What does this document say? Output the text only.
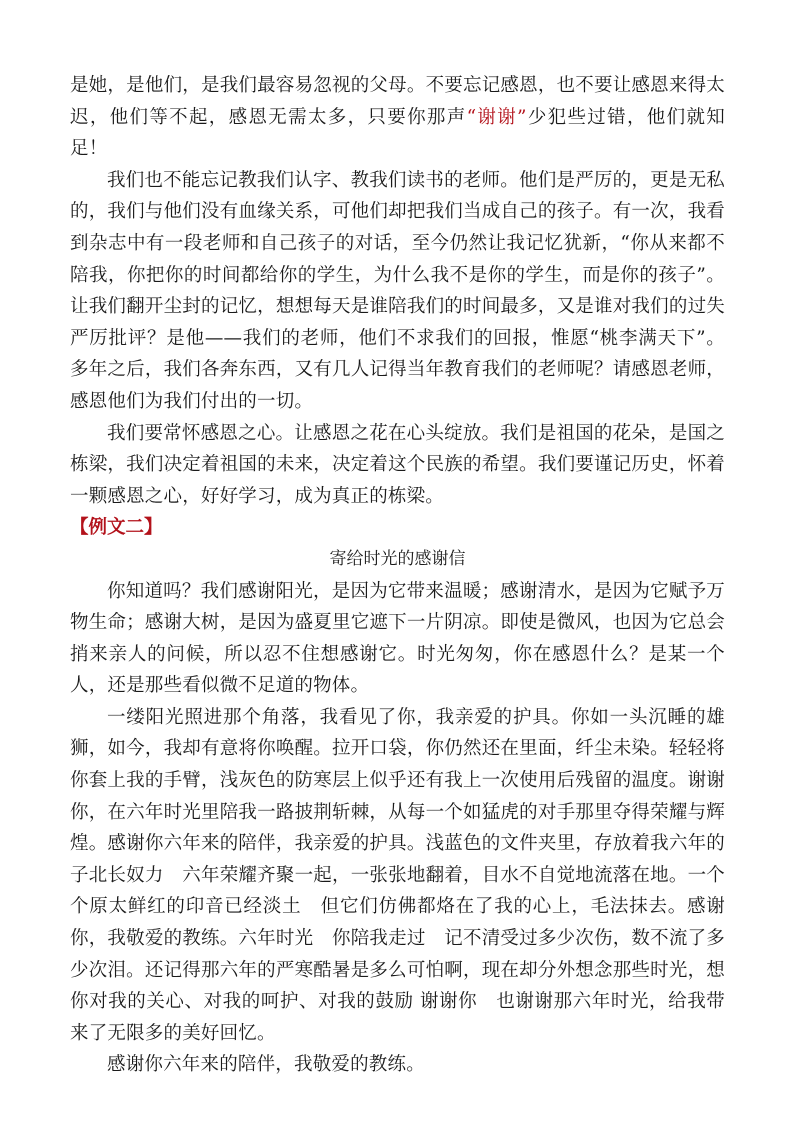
是她，是他们，是我们最容易忽视的父母。不要忘记感恩，也不要让感恩来得太迟，他们等不起，感恩无需太多，只要你那声“谢谢”少犯些过错，他们就知足！

我们也不能忘记教我们认字、教我们读书的老师。他们是严厉的，更是无私的，我们与他们没有血缘关系，可他们却把我们当成自己的孩子。有一次，我看到杂志中有一段老师和自己孩子的对话，至今仍然让我记忆犹新，“你从来都不陪我，你把你的时间都给你的学生，为什么我不是你的学生，而是你的孩子”。让我们翻开尘封的记忆，想想每天是谁陪我们的时间最多，又是谁对我们的过失严厉批评？是他——我们的老师，他们不求我们的回报，惟愿“桃李满天下”。多年之后，我们各奔东西，又有几人记得当年教育我们的老师呢？请感恩老师，感恩他们为我们付出的一切。

我们要常怀感恩之心。让感恩之花在心头绽放。我们是祖国的花朵，是国之栋梁，我们决定着祖国的未来，决定着这个民族的希望。我们要谨记历史，怀着一颗感恩之心，好好学习，成为真正的栋梁。

【例文二】

寄给时光的感谢信

你知道吗？我们感谢阳光，是因为它带来温暖；感谢清水，是因为它赋予万物生命；感谢大树，是因为盛夏里它遮下一片阴凉。即使是微风，也因为它总会捎来亲人的问候，所以忍不住想感谢它。时光匆匆，你在感恩什么？是某一个人，还是那些看似微不足道的物体。

一缕阳光照进那个角落，我看见了你，我亲爱的护具。你如一头沉睡的雄狮，如今，我却有意将你唤醒。拉开口袋，你仍然还在里面，纤尘未染。轻轻将你套上我的手臂，浅灰色的防寒层上似乎还有我上一次使用后残留的温度。谢谢你，在六年时光里陪我一路披荆斩棘，从每一个如猛虎的对手那里夺得荣耀与辉煌。感谢你六年来的陪伴，我亲爱的护具。浅蓝色的文件夹里，存放着我六年的子北长奴力　六年荣耀齐聚一起，一张张地翻着，目水不自觉地流落在地。一个个原太鲜红的印音已经淡土　但它们仿佛都烙在了我的心上，毛法抹去。感谢你，我敬爱的教练。六年时光　你陪我走过　记不清受过多少次伤，数不流了多少次泪。还记得那六年的严寒酷暑是多么可怕啊，现在却分外想念那些时光，想你对我的关心、对我的呵护、对我的鼓励 谢谢你　也谢谢那六年时光，给我带来了无限多的美好回忆。

感谢你六年来的陪伴，我敬爱的教练。
